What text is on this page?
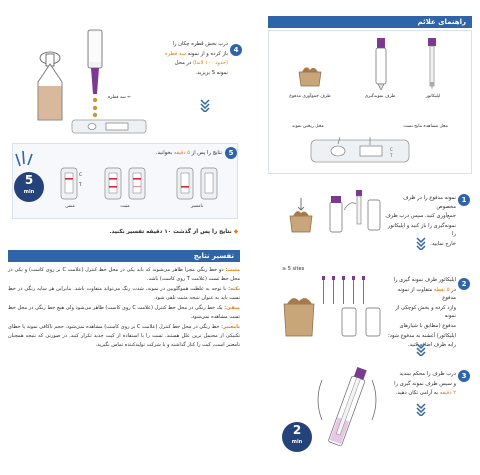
سه قطره ←
4

درب بخش قطره چکان را

باز کرده و از نمونه سه قطره

(حدود ۱۰۰ لاندا) در محل

نمونه S بریزید.

5
نتایج را پس از ۵ دقیقه بخوانید.
5
min
C
T
منفی	مثبت	نامعتبر
◆ نتایج را پس از گذشت ۱۰ دقیقه تفسیر نکنید.
تفسیر نتایج

مثبت: دو خط رنگی مجزا ظاهر می‌شوند که باید یکی در محل خط کنترل (علامت C بر روی کاست) و یکی در محل خط تست (علامت T روی کاست) باشد.

نکته: با توجه به غلظت هموگلوبین در نمونه، شدت رنگ می‌تواند متفاوت باشد. بنابراین هر سایه رنگی در خط تست باید به عنوان نتیجه مثبت تلقی شود.

منفی: یک خط رنگی در محل خط کنترل (علامت C روی کاست) ظاهر می‌شود ولی هیچ خط رنگی در محل خط تست مشاهده نمی‌شود.

نامعتبر: خط رنگی در محل خط کنترل (علامت C بر روی کاست) مشاهده نمی‌شود. حجم ناکافی نمونه یا خطای تکنیکی از محتمل ترین علل هستند. تست را با استفاده از کیت جدید تکرار کنید. در صورتی که نتیجه همچنان نامعتبر است، کیت را کنار گذاشته و با شرکت تولیدکننده تماس بگیرید.

راهنمای علائم
ظرف جمع‌آوری مدفوع	ظرف نمونه‌گیری	اپلیکاتور
محل مشاهده نتایج تست
محل ریختن نمونه
C
T
1

نمونه مدفوع را در ظرف مخصوص

جمع‌آوری کنید. سپس درب ظرف

نمونه‌گیری را باز کنید و اپلیکاتور را

خارج نمایید.

≥ 5 sites
2

اپلیکاتور ظرف نمونه گیری را

در ۵ نقطه متفاوت از نمونه مدفوع

وارد کرده و بخش کوچکی از نمونه

مدفوع (مطابق با شیارهای

اپلیکاتور) آغشته به مدفوع شود؛

رابه ظرف اضافه کنید.

2
min
3

درب ظرف را محکم ببندید

و سپس ظرف نمونه گیری را

۲ دقیقه به آرامی تکان دهید.
